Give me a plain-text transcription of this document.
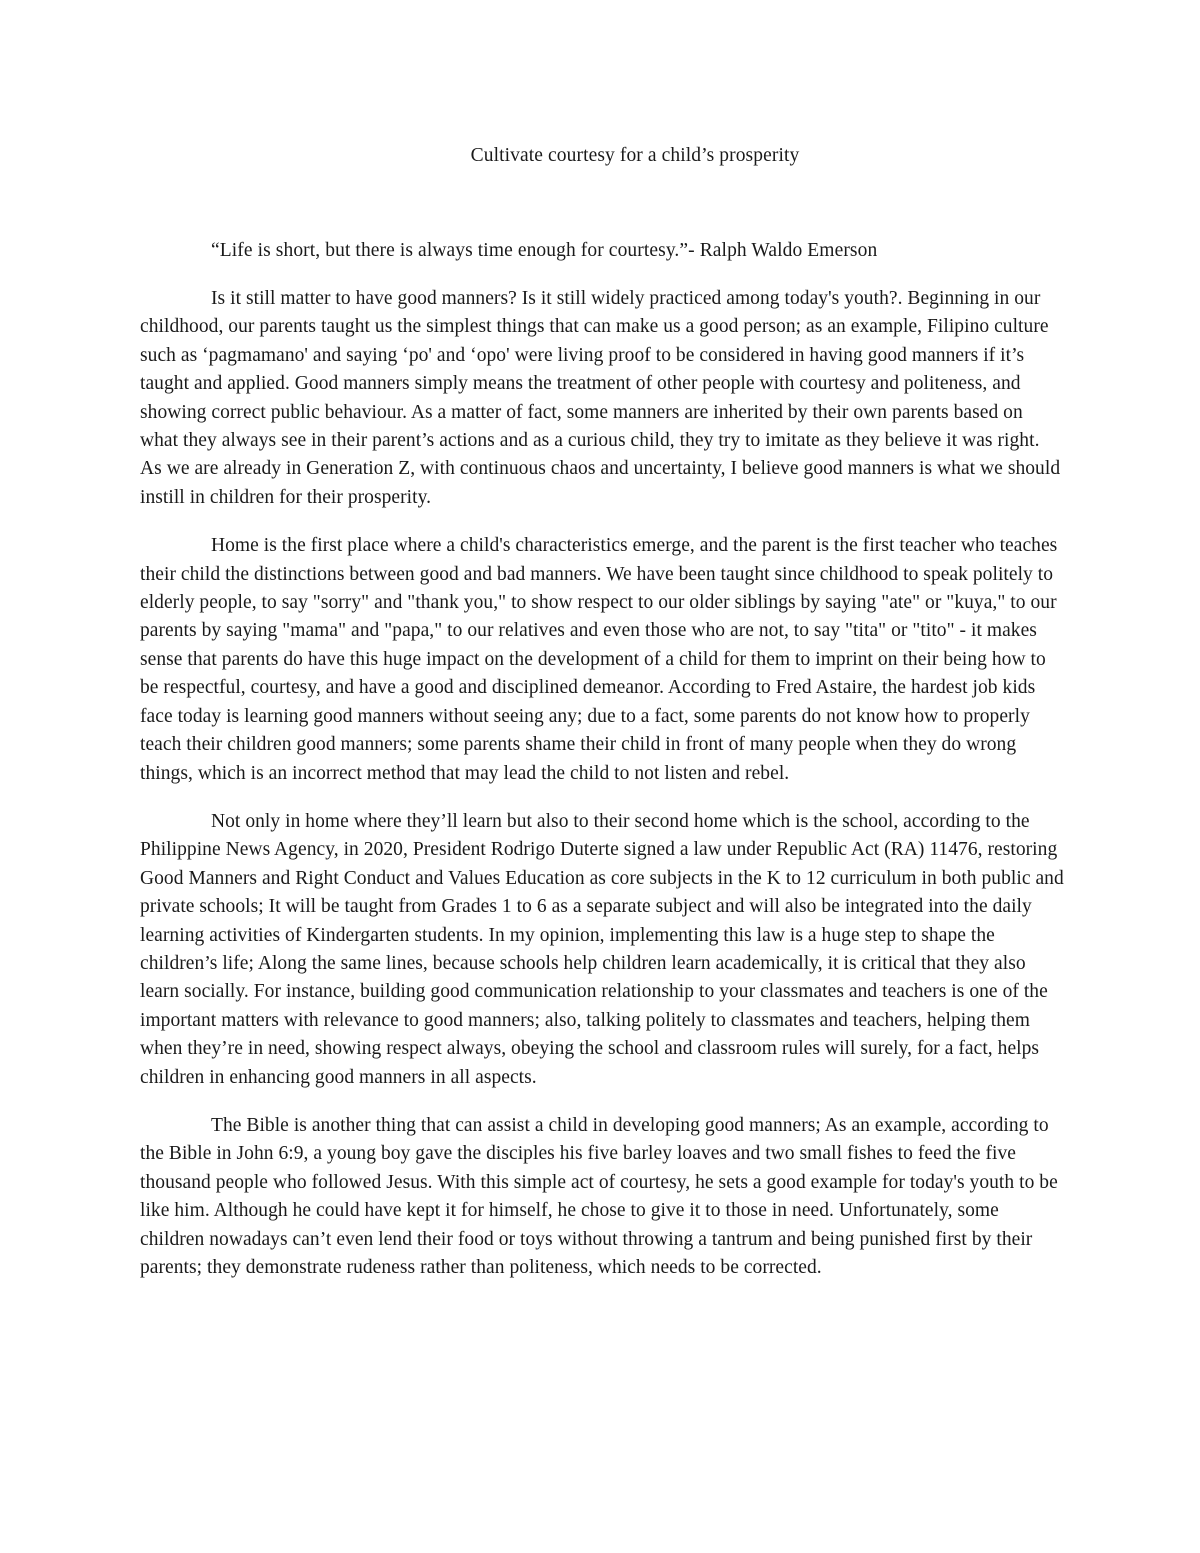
Cultivate courtesy for a child’s prosperity
“Life is short, but there is always time enough for courtesy.”- Ralph Waldo Emerson

Is it still matter to have good manners? Is it still widely practiced among today's youth?. Beginning in our childhood, our parents taught us the simplest things that can make us a good person; as an example, Filipino culture such as ‘pagmamano' and saying ‘po' and ‘opo' were living proof to be considered in having good manners if it’s taught and applied. Good manners simply means the treatment of other people with courtesy and politeness, and showing correct public behaviour. As a matter of fact, some manners are inherited by their own parents based on what they always see in their parent’s actions and as a curious child, they try to imitate as they believe it was right. As we are already in Generation Z, with continuous chaos and uncertainty, I believe good manners is what we should instill in children for their prosperity.

Home is the first place where a child's characteristics emerge, and the parent is the first teacher who teaches their child the distinctions between good and bad manners. We have been taught since childhood to speak politely to elderly people, to say "sorry" and "thank you," to show respect to our older siblings by saying "ate" or "kuya," to our parents by saying "mama" and "papa," to our relatives and even those who are not, to say "tita" or "tito" - it makes sense that parents do have this huge impact on the development of a child for them to imprint on their being how to be respectful, courtesy, and have a good and disciplined demeanor. According to Fred Astaire, the hardest job kids face today is learning good manners without seeing any; due to a fact, some parents do not know how to properly teach their children good manners; some parents shame their child in front of many people when they do wrong things, which is an incorrect method that may lead the child to not listen and rebel.

Not only in home where they’ll learn but also to their second home which is the school, according to the Philippine News Agency, in 2020, President Rodrigo Duterte signed a law under Republic Act (RA) 11476, restoring Good Manners and Right Conduct and Values Education as core subjects in the K to 12 curriculum in both public and private schools; It will be taught from Grades 1 to 6 as a separate subject and will also be integrated into the daily learning activities of Kindergarten students. In my opinion, implementing this law is a huge step to shape the children’s life; Along the same lines, because schools help children learn academically, it is critical that they also learn socially. For instance, building good communication relationship to your classmates and teachers is one of the important matters with relevance to good manners; also, talking politely to classmates and teachers, helping them when they’re in need, showing respect always, obeying the school and classroom rules will surely, for a fact, helps children in enhancing good manners in all aspects.

The Bible is another thing that can assist a child in developing good manners; As an example, according to the Bible in John 6:9, a young boy gave the disciples his five barley loaves and two small fishes to feed the five thousand people who followed Jesus. With this simple act of courtesy, he sets a good example for today's youth to be like him. Although he could have kept it for himself, he chose to give it to those in need. Unfortunately, some children nowadays can’t even lend their food or toys without throwing a tantrum and being punished first by their parents; they demonstrate rudeness rather than politeness, which needs to be corrected.
